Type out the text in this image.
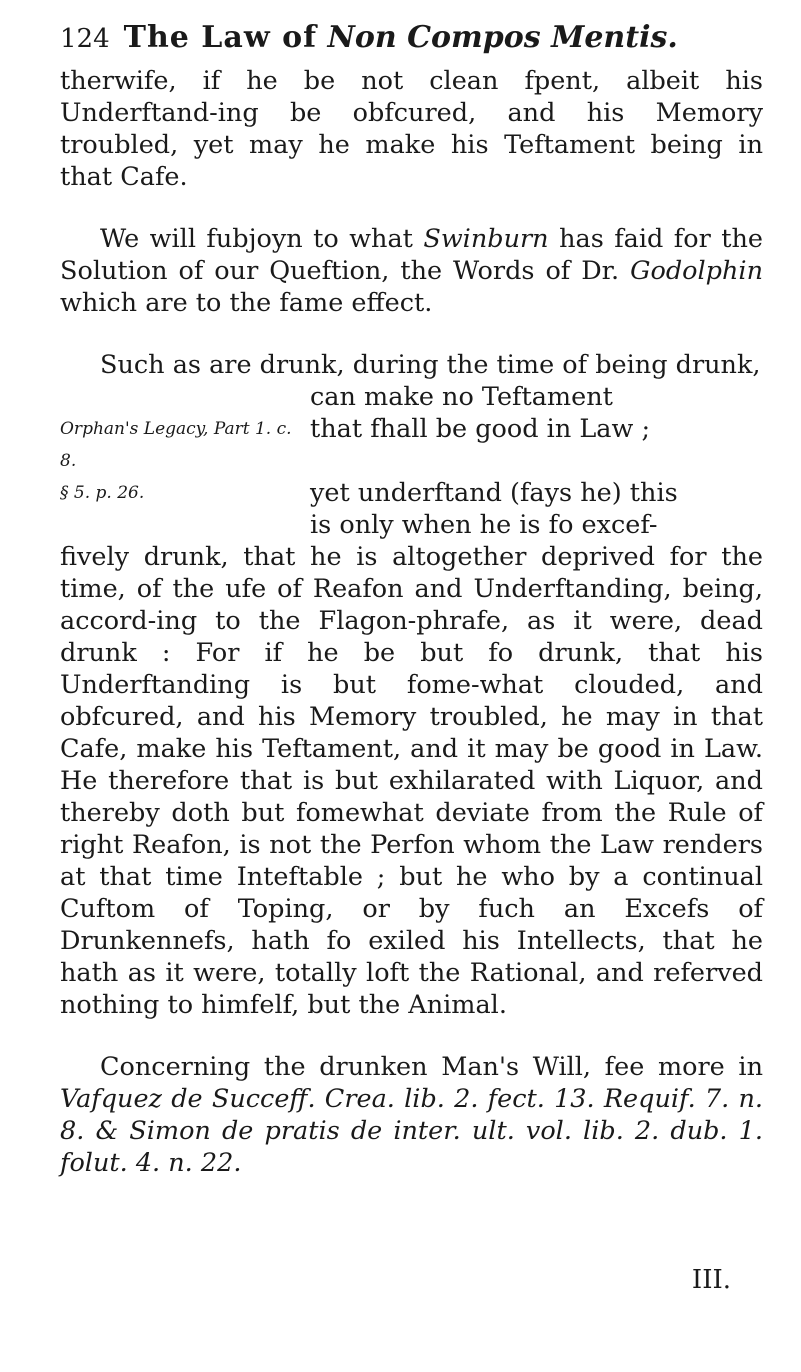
124 The Law of Non Compos Mentis.

therwife, if he be not clean fpent, albeit his Underftand-ing be obfcured, and his Memory troubled, yet may he make his Teftament being in that Cafe.

We will fubjoyn to what Swinburn has faid for the Solution of our Queftion, the Words of Dr. Godolphin which are to the fame effect.

Such as are drunk, during the time of being drunk,

can make no Teftament
Orphan's Legacy, Part 1. c. 8.
that fhall be good in Law ;
§ 5. p. 26.	yet underftand (fays he) this
is only when he is fo excef-

fively drunk, that he is altogether deprived for the time, of the ufe of Reafon and Underftanding, being, accord-ing to the Flagon-phrafe, as it were, dead drunk : For if he be but fo drunk, that his Underftanding is but fome-what clouded, and obfcured, and his Memory troubled, he may in that Cafe, make his Teftament, and it may be good in Law. He therefore that is but exhilarated with Liquor, and thereby doth but fomewhat deviate from the Rule of right Reafon, is not the Perfon whom the Law renders at that time Inteftable ; but he who by a continual Cuftom of Toping, or by fuch an Excefs of Drunkennefs, hath fo exiled his Intellects, that he hath as it were, totally loft the Rational, and referved nothing to himfelf, but the Animal.

Concerning the drunken Man's Will, fee more in Vafquez de Succeff. Crea. lib. 2. fect. 13. Requif. 7. n. 8. & Simon de pratis de inter. ult. vol. lib. 2. dub. 1. folut. 4. n. 22.

III.
